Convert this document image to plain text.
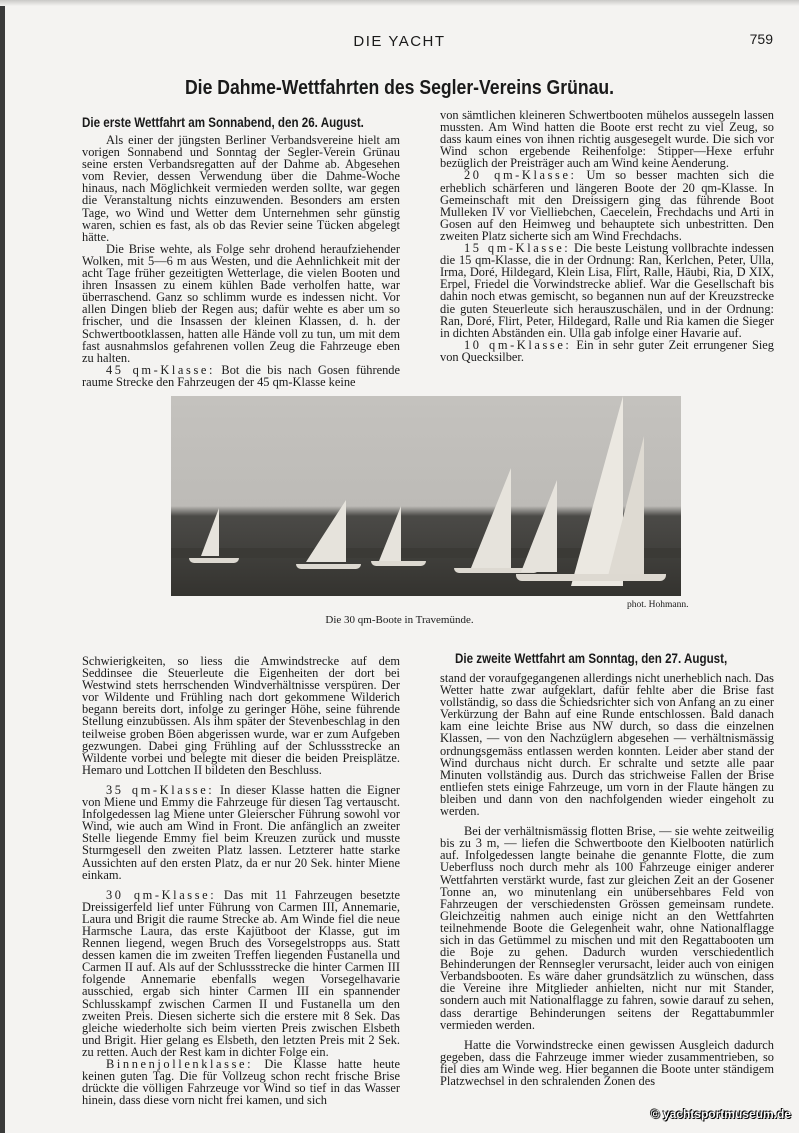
DIE YACHT	759
Die Dahme-Wettfahrten des Segler-Vereins Grünau.
Die erste Wettfahrt am Sonnabend, den 26. August.

Als einer der jüngsten Berliner Verbandsvereine hielt am vorigen Sonnabend und Sonntag der Segler-Verein Grünau seine ersten Verbandsregatten auf der Dahme ab. Abgesehen vom Revier, dessen Verwendung über die Dahme-Woche hinaus, nach Möglichkeit vermieden werden sollte, war gegen die Veranstaltung nichts einzuwenden. Besonders am ersten Tage, wo Wind und Wetter dem Unternehmen sehr günstig waren, schien es fast, als ob das Revier seine Tücken abgelegt hätte.

Die Brise wehte, als Folge sehr drohend heraufziehender Wolken, mit 5—6 m aus Westen, und die Aehnlichkeit mit der acht Tage früher gezeitigten Wetterlage, die vielen Booten und ihren Insassen zu einem kühlen Bade verholfen hatte, war überraschend. Ganz so schlimm wurde es indessen nicht. Vor allen Dingen blieb der Regen aus; dafür wehte es aber um so frischer, und die Insassen der kleinen Klassen, d. h. der Schwertbootklassen, hatten alle Hände voll zu tun, um mit dem fast ausnahmslos gefahrenen vollen Zeug die Fahrzeuge eben zu halten.

45 qm-Klasse: Bot die bis nach Gosen führende raume Strecke den Fahrzeugen der 45 qm-Klasse keine

von sämtlichen kleineren Schwertbooten mühelos aussegeln lassen mussten. Am Wind hatten die Boote erst recht zu viel Zeug, so dass kaum eines von ihnen richtig ausgesegelt wurde. Die sich vor Wind schon ergebende Reihenfolge: Stipper—Hexe erfuhr bezüglich der Preisträger auch am Wind keine Aenderung.

20 qm-Klasse: Um so besser machten sich die erheblich schärferen und längeren Boote der 20 qm-Klasse. In Gemeinschaft mit den Dreissigern ging das führende Boot Mulleken IV vor Vielliebchen, Caecelein, Frechdachs und Arti in Gosen auf den Heimweg und behauptete sich unbestritten. Den zweiten Platz sicherte sich am Wind Frechdachs.

15 qm-Klasse: Die beste Leistung vollbrachte indessen die 15 qm-Klasse, die in der Ordnung: Ran, Kerlchen, Peter, Ulla, Irma, Doré, Hildegard, Klein Lisa, Flirt, Ralle, Häubi, Ria, D XIX, Erpel, Friedel die Vorwindstrecke ablief. War die Gesellschaft bis dahin noch etwas gemischt, so begannen nun auf der Kreuzstrecke die guten Steuerleute sich herauszuschälen, und in der Ordnung: Ran, Doré, Flirt, Peter, Hildegard, Ralle und Ria kamen die Sieger in dichten Abständen ein. Ulla gab infolge einer Havarie auf.

10 qm-Klasse: Ein in sehr guter Zeit errungener Sieg von Quecksilber.

phot. Hohmann.
Die 30 qm-Boote in Travemünde.

Schwierigkeiten, so liess die Amwindstrecke auf dem Seddinsee die Steuerleute die Eigenheiten der dort bei Westwind stets herrschenden Windverhältnisse verspüren. Der vor Wildente und Frühling nach dort gekommene Wilderich begann bereits dort, infolge zu geringer Höhe, seine führende Stellung einzubüssen. Als ihm später der Stevenbeschlag in den teilweise groben Böen abgerissen wurde, war er zum Aufgeben gezwungen. Dabei ging Frühling auf der Schlussstrecke an Wildente vorbei und belegte mit dieser die beiden Preisplätze. Hemaro und Lottchen II bildeten den Beschluss.

35 qm-Klasse: In dieser Klasse hatten die Eigner von Miene und Emmy die Fahrzeuge für diesen Tag vertauscht. Infolgedessen lag Miene unter Gleierscher Führung sowohl vor Wind, wie auch am Wind in Front. Die anfänglich an zweiter Stelle liegende Emmy fiel beim Kreuzen zurück und musste Sturmgesell den zweiten Platz lassen. Letzterer hatte starke Aussichten auf den ersten Platz, da er nur 20 Sek. hinter Miene einkam.

30 qm-Klasse: Das mit 11 Fahrzeugen besetzte Dreissigerfeld lief unter Führung von Carmen III, Annemarie, Laura und Brigit die raume Strecke ab. Am Winde fiel die neue Harmsche Laura, das erste Kajütboot der Klasse, gut im Rennen liegend, wegen Bruch des Vorsegelstropps aus. Statt dessen kamen die im zweiten Treffen liegenden Fustanella und Carmen II auf. Als auf der Schlussstrecke die hinter Carmen III folgende Annemarie ebenfalls wegen Vorsegelhavarie ausschied, ergab sich hinter Carmen III ein spannender Schlusskampf zwischen Carmen II und Fustanella um den zweiten Preis. Diesen sicherte sich die erstere mit 8 Sek. Das gleiche wiederholte sich beim vierten Preis zwischen Elsbeth und Brigit. Hier gelang es Elsbeth, den letzten Preis mit 2 Sek. zu retten. Auch der Rest kam in dichter Folge ein.

Binnenjollenklasse: Die Klasse hatte heute keinen guten Tag. Die für Vollzeug schon recht frische Brise drückte die völligen Fahrzeuge vor Wind so tief in das Wasser hinein, dass diese vorn nicht frei kamen, und sich

Die zweite Wettfahrt am Sonntag, den 27. August,

stand der voraufgegangenen allerdings nicht unerheblich nach. Das Wetter hatte zwar aufgeklart, dafür fehlte aber die Brise fast vollständig, so dass die Schiedsrichter sich von Anfang an zu einer Verkürzung der Bahn auf eine Runde entschlossen. Bald danach kam eine leichte Brise aus NW durch, so dass die einzelnen Klassen, — von den Nachzüglern abgesehen — verhältnismässig ordnungsgemäss entlassen werden konnten. Leider aber stand der Wind durchaus nicht durch. Er schralte und setzte alle paar Minuten vollständig aus. Durch das strichweise Fallen der Brise entliefen stets einige Fahrzeuge, um vorn in der Flaute hängen zu bleiben und dann von den nachfolgenden wieder eingeholt zu werden.

Bei der verhältnismässig flotten Brise, — sie wehte zeitweilig bis zu 3 m, — liefen die Schwertboote den Kielbooten natürlich auf. Infolgedessen langte beinahe die genannte Flotte, die zum Ueberfluss noch durch mehr als 100 Fahrzeuge einiger anderer Wettfahrten verstärkt wurde, fast zur gleichen Zeit an der Gosener Tonne an, wo minutenlang ein unübersehbares Feld von Fahrzeugen der verschiedensten Grössen gemeinsam rundete. Gleichzeitig nahmen auch einige nicht an den Wettfahrten teilnehmende Boote die Gelegenheit wahr, ohne Nationalflagge sich in das Getümmel zu mischen und mit den Regattabooten um die Boje zu gehen. Dadurch wurden verschiedentlich Behinderungen der Rennsegler verursacht, leider auch von einigen Verbandsbooten. Es wäre daher grundsätzlich zu wünschen, dass die Vereine ihre Mitglieder anhielten, nicht nur mit Stander, sondern auch mit Nationalflagge zu fahren, sowie darauf zu sehen, dass derartige Behinderungen seitens der Regattabummler vermieden werden.

Hatte die Vorwindstrecke einen gewissen Ausgleich dadurch gegeben, dass die Fahrzeuge immer wieder zusammentrieben, so fiel dies am Winde weg. Hier begannen die Boote unter ständigem Platzwechsel in den schralenden Zonen des

© yachtsportmuseum.de
